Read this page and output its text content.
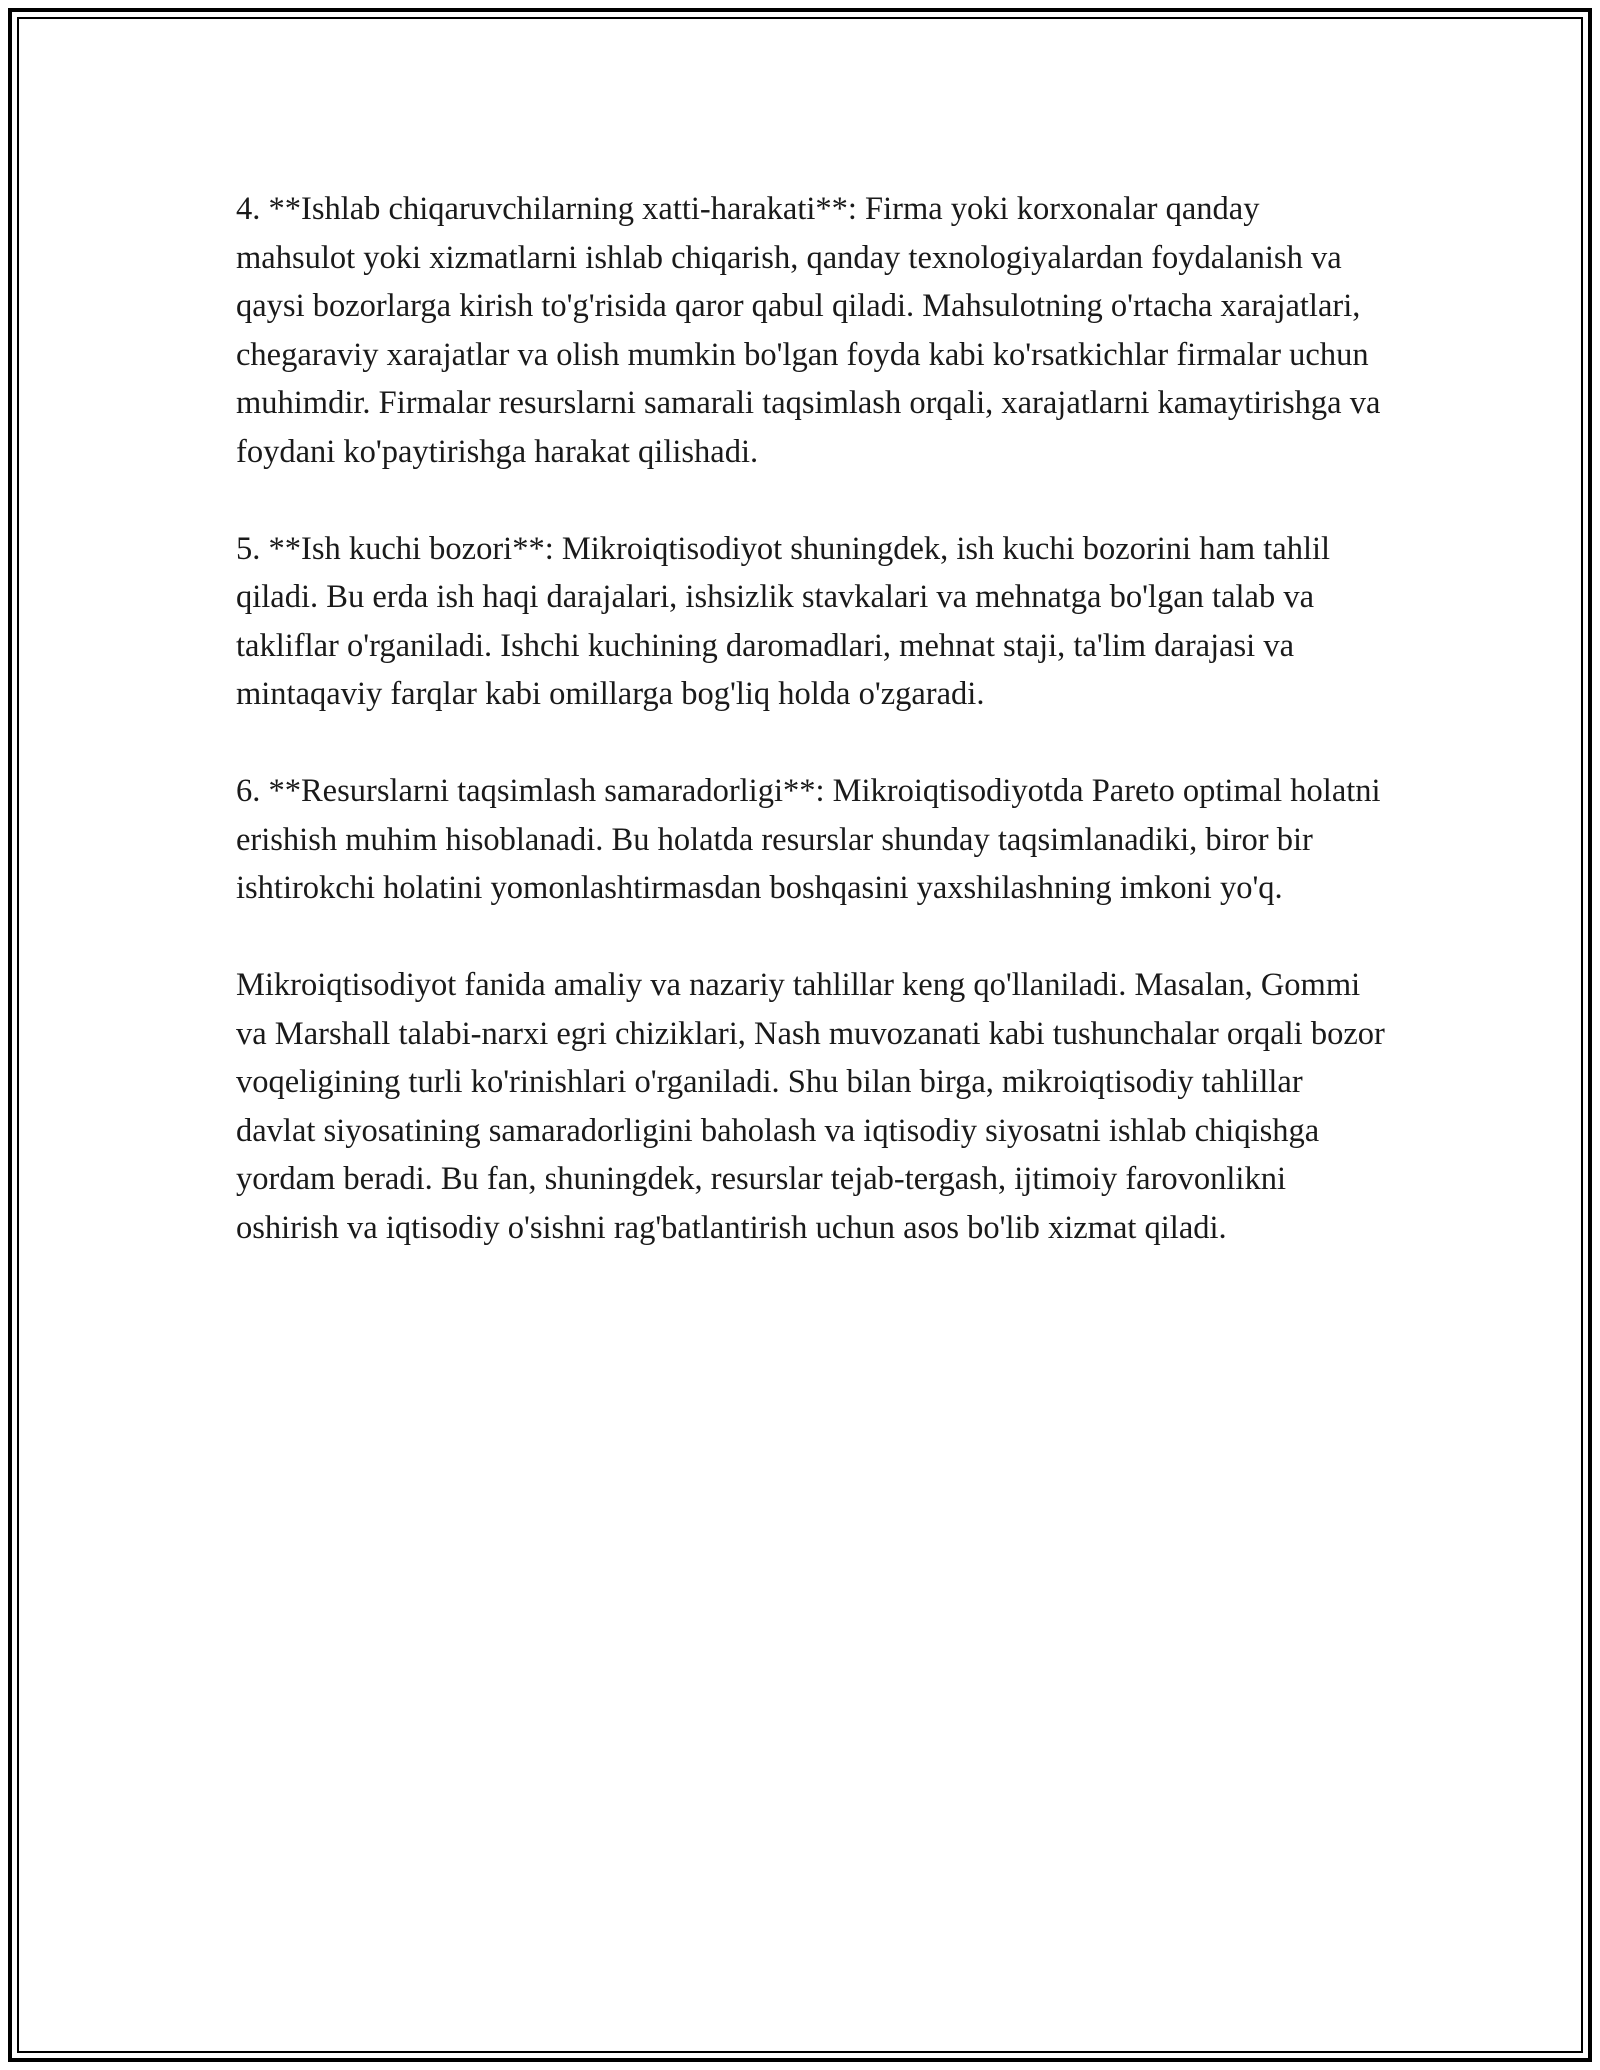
4. **Ishlab chiqaruvchilarning xatti-harakati**: Firma yoki korxonalar qanday mahsulot yoki xizmatlarni ishlab chiqarish, qanday texnologiyalardan foydalanish va qaysi bozorlarga kirish to'g'risida qaror qabul qiladi. Mahsulotning o'rtacha xarajatlari, chegaraviy xarajatlar va olish mumkin bo'lgan foyda kabi ko'rsatkichlar firmalar uchun muhimdir. Firmalar resurslarni samarali taqsimlash orqali, xarajatlarni kamaytirishga va foydani ko'paytirishga harakat qilishadi.

5. **Ish kuchi bozori**: Mikroiqtisodiyot shuningdek, ish kuchi bozorini ham tahlil qiladi. Bu erda ish haqi darajalari, ishsizlik stavkalari va mehnatga bo'lgan talab va takliflar o'rganiladi. Ishchi kuchining daromadlari, mehnat staji, ta'lim darajasi va mintaqaviy farqlar kabi omillarga bog'liq holda o'zgaradi.

6. **Resurslarni taqsimlash samaradorligi**: Mikroiqtisodiyotda Pareto optimal holatni erishish muhim hisoblanadi. Bu holatda resurslar shunday taqsimlanadiki, biror bir ishtirokchi holatini yomonlashtirmasdan boshqasini yaxshilashning imkoni yo'q.

Mikroiqtisodiyot fanida amaliy va nazariy tahlillar keng qo'llaniladi. Masalan, Gommi va Marshall talabi-narxi egri chiziklari, Nash muvozanati kabi tushunchalar orqali bozor voqeligining turli ko'rinishlari o'rganiladi. Shu bilan birga, mikroiqtisodiy tahlillar davlat siyosatining samaradorligini baholash va iqtisodiy siyosatni ishlab chiqishga yordam beradi. Bu fan, shuningdek, resurslar tejab-tergash, ijtimoiy farovonlikni oshirish va iqtisodiy o'sishni rag'batlantirish uchun asos bo'lib xizmat qiladi.
